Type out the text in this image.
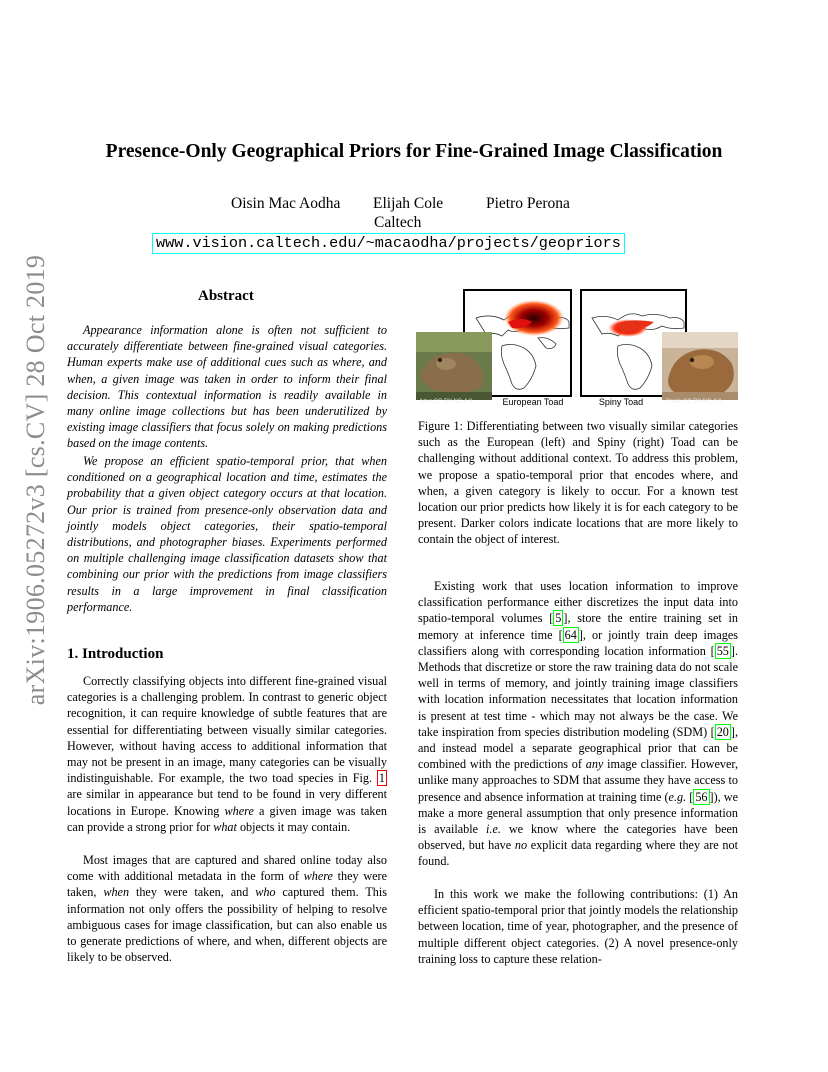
arXiv:1906.05272v3 [cs.CV] 28 Oct 2019
Presence-Only Geographical Priors for Fine-Grained Image Classification
Oisin Mac Aodha Elijah Cole	Pietro Perona
Caltech
www.vision.caltech.edu/~macaodha/projects/geopriors
Abstract

Appearance information alone is often not sufficient to accurately differentiate between fine-grained visual categories. Human experts make use of additional cues such as where, and when, a given image was taken in order to inform their final decision. This contextual information is readily available in many online image collections but has been underutilized by existing image classifiers that focus solely on making predictions based on the image contents.

We propose an efficient spatio-temporal prior, that when conditioned on a geographical location and time, estimates the probability that a given object category occurs at that location. Our prior is trained from presence-only observation data and jointly models object categories, their spatio-temporal distributions, and photographer biases. Experiments performed on multiple challenging image classification datasets show that combining our prior with the predictions from image classifiers results in a large improvement in final classification performance.

1. Introduction

Correctly classifying objects into different fine-grained visual categories is a challenging problem. In contrast to generic object recognition, it can require knowledge of subtle features that are essential for differentiating between visually similar categories. However, without having access to additional information that may not be present in an image, many categories can be visually indistinguishable. For example, the two toad species in Fig. 1 are similar in appearance but tend to be found in very different locations in Europe. Knowing where a given image was taken can provide a strong prior for what objects it may contain.

Most images that are captured and shared online today also come with additional metadata in the form of where they were taken, when they were taken, and who captured them. This information not only offers the possibility of helping to resolve ambiguous cases for image classification, but can also enable us to generate predictions of where, and when, different objects are likely to be observed.

Artur CC BY-NC 4.0	Paolo CC BY-NC 4.0
European Toad	Spiny Toad

Figure 1: Differentiating between two visually similar categories such as the European (left) and Spiny (right) Toad can be challenging without additional context. To address this problem, we propose a spatio-temporal prior that encodes where, and when, a given category is likely to occur. For a known test location our prior predicts how likely it is for each category to be present. Darker colors indicate locations that are more likely to contain the object of interest.

Existing work that uses location information to improve classification performance either discretizes the input data into spatio-temporal volumes [ 5 ], store the entire training set in memory at inference time [ 64 ], or jointly train deep images classifiers along with corresponding location information [ 55 ]. Methods that discretize or store the raw training data do not scale well in terms of memory, and jointly training image classifiers with location information necessitates that location information is present at test time - which may not always be the case. We take inspiration from species distribution modeling (SDM) [ 20 ], and instead model a separate geographical prior that can be combined with the predictions of any image classifier. However, unlike many approaches to SDM that assume they have access to presence and absence information at training time (e.g. [ 56 ]), we make a more general assumption that only presence information is available i.e. we know where the categories have been observed, but have no explicit data regarding where they are not found.

In this work we make the following contributions: (1) An efficient spatio-temporal prior that jointly models the relationship between location, time of year, photographer, and the presence of multiple different object categories. (2) A novel presence-only training loss to capture these relation-
